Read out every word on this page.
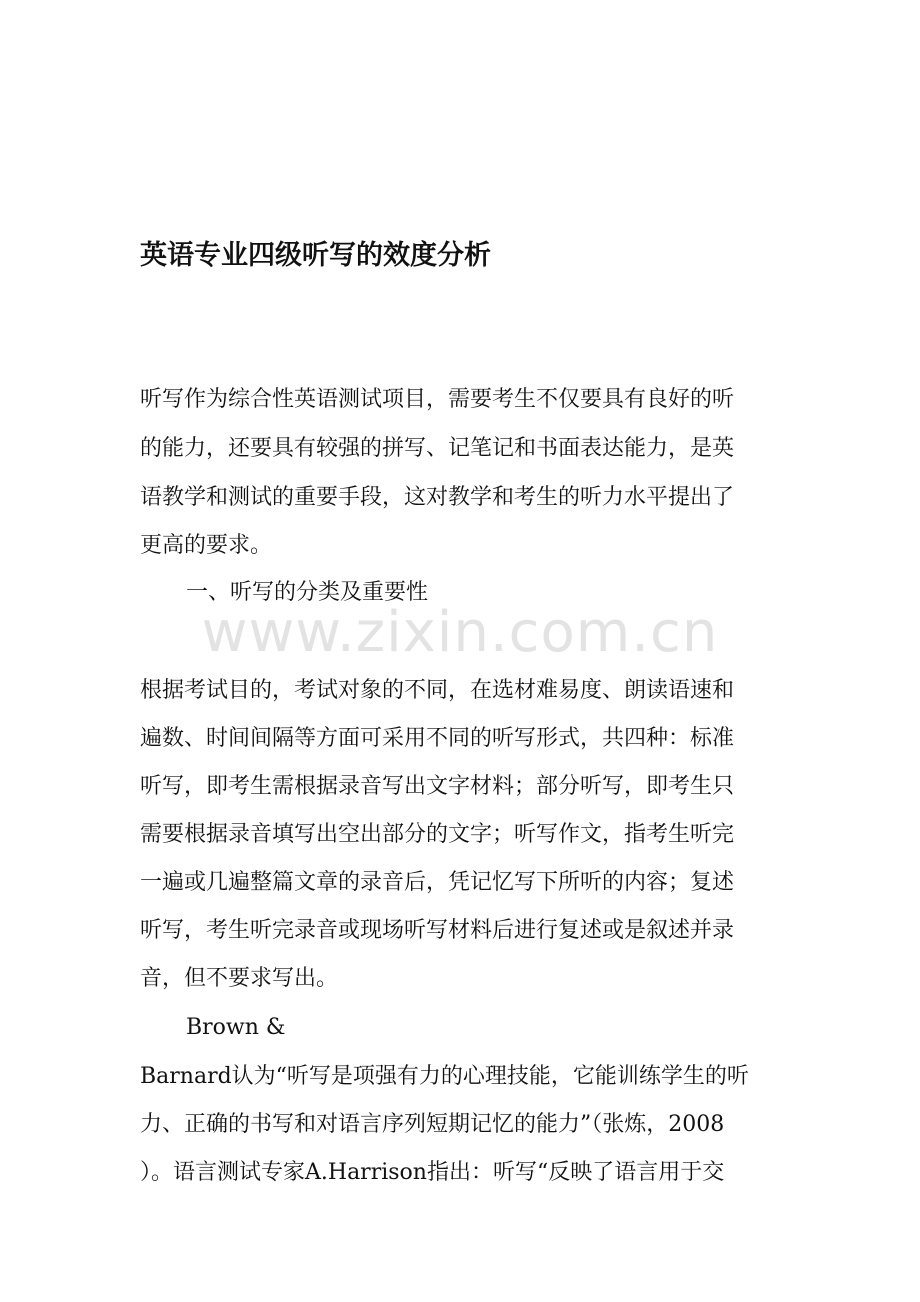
英语专业四级听写的效度分析

听写作为综合性英语测试项目，需要考生不仅要具有良好的听

的能力，还要具有较强的拼写、记笔记和书面表达能力，是英

语教学和测试的重要手段，这对教学和考生的听力水平提出了

更高的要求。

一、听写的分类及重要性

www.zixin.com.cn

根据考试目的，考试对象的不同，在选材难易度、朗读语速和

遍数、时间间隔等方面可采用不同的听写形式，共四种：标准

听写，即考生需根据录音写出文字材料；部分听写，即考生只

需要根据录音填写出空出部分的文字；听写作文，指考生听完

一遍或几遍整篇文章的录音后，凭记忆写下所听的内容；复述

听写，考生听完录音或现场听写材料后进行复述或是叙述并录

音，但不要求写出。

Brown &

Barnard认为“听写是项强有力的心理技能，它能训练学生的听

力、正确的书写和对语言序列短期记忆的能力”（张炼，2008

）。语言测试专家A.Harrison指出：听写“反映了语言用于交
